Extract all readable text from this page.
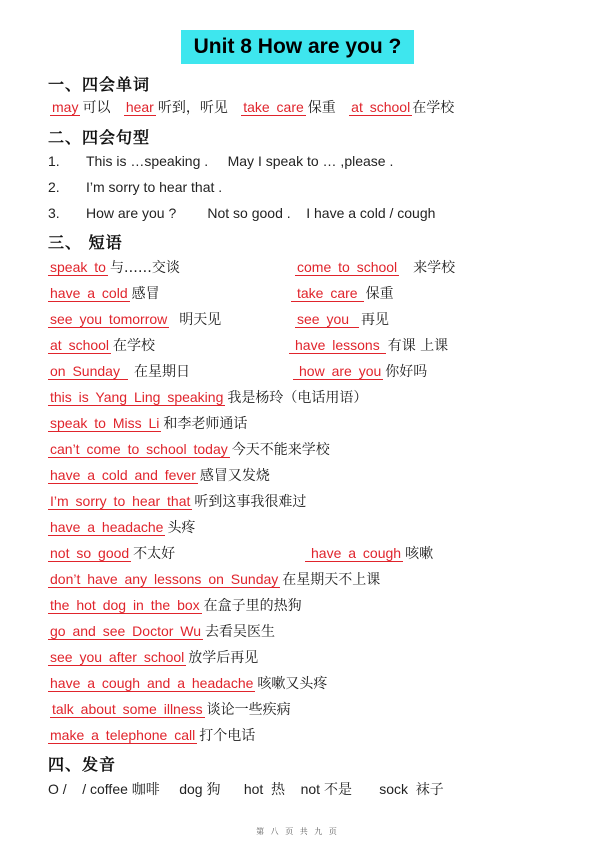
Unit 8 How are you ?
一、四会单词
may 可以 hear 听到，听见 take care 保重 at school 在学校
二、四会句型
1. This is …speaking .     May I speak to … ,please .
2. I’m sorry to hear that .
3. How are you ?        Not so good .    I have a cold / cough
三、 短语
speak to 与……交谈	come to school 来学校
have a cold 感冒	take care 保重
see you tomorrow 明天见	see you 再见
at school 在学校	have lessons 有课 上课
on Sunday 在星期日	how are you 你好吗
this is Yang Ling speaking 我是杨玲（电话用语）
speak to Miss Li 和李老师通话
can’t come to school today 今天不能来学校
have a cold and fever 感冒又发烧
I’m sorry to hear that 听到这事我很难过
have a headache 头疼
not so good 不太好	have a cough 咳嗽
don’t have any lessons on Sunday 在星期天不上课
the hot dog in the box 在盒子里的热狗
go and see Doctor Wu 去看吴医生
see you after school 放学后再见
have a cough and a headache 咳嗽又头疼
talk about some illness 谈论一些疾病
make a telephone call 打个电话
四、发音
O /    / coffee 咖啡     dog 狗      hot  热    not 不是       sock  袜子
第 八 页 共 九 页
